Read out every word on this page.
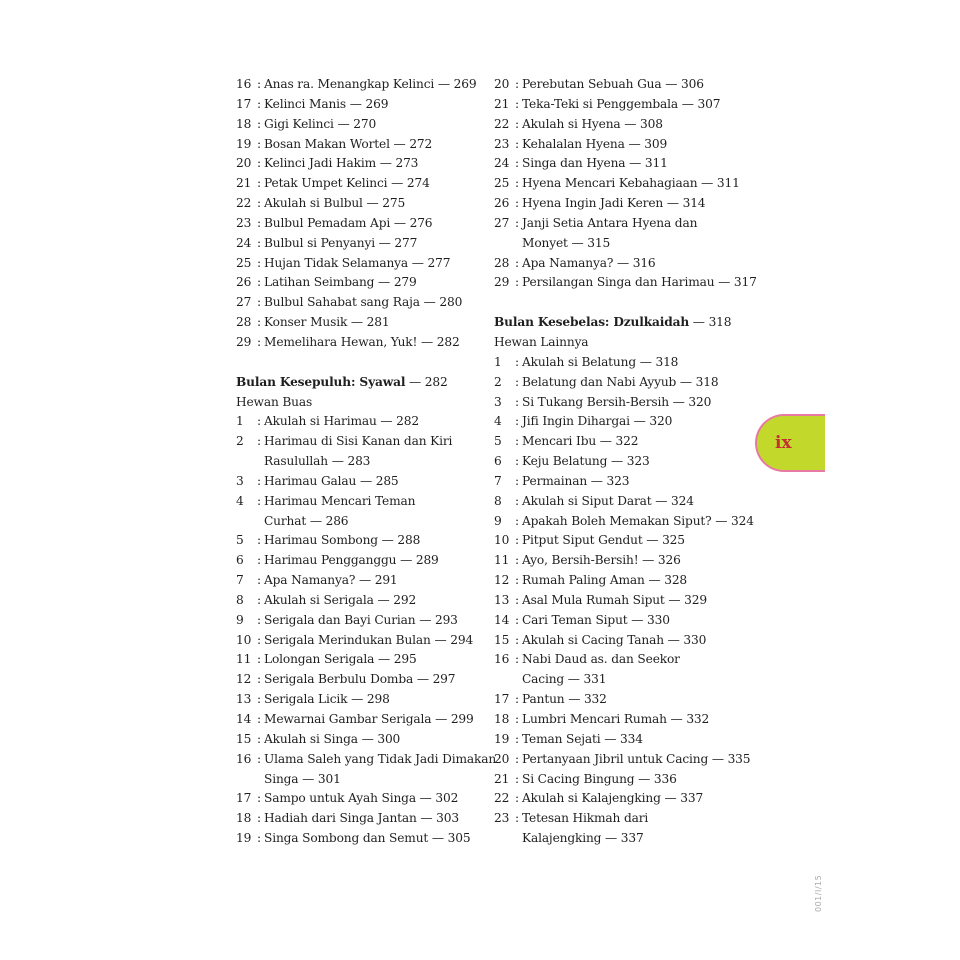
16 : Anas ra. Menangkap Kelinci — 269
17 : Kelinci Manis — 269
18 : Gigi Kelinci — 270
19 : Bosan Makan Wortel — 272
20 : Kelinci Jadi Hakim — 273
21 : Petak Umpet Kelinci — 274
22 : Akulah si Bulbul — 275
23 : Bulbul Pemadam Api — 276
24 : Bulbul si Penyanyi — 277
25 : Hujan Tidak Selamanya — 277
26 : Latihan Seimbang — 279
27 : Bulbul Sahabat sang Raja — 280
28 : Konser Musik — 281
29 : Memelihara Hewan, Yuk! — 282
Bulan Kesepuluh: Syawal — 282
Hewan Buas
1	: Akulah si Harimau — 282
2	: Harimau di Sisi Kanan dan Kiri
Rasulullah — 283
3	: Harimau Galau — 285
4	: Harimau Mencari Teman
Curhat — 286
5	: Harimau Sombong — 288
6	: Harimau Pengganggu — 289
7	: Apa Namanya? — 291
8	: Akulah si Serigala — 292
9	: Serigala dan Bayi Curian — 293
10 : Serigala Merindukan Bulan — 294
11 : Lolongan Serigala — 295
12 : Serigala Berbulu Domba — 297
13 : Serigala Licik — 298
14 : Mewarnai Gambar Serigala — 299
15 : Akulah si Singa — 300
16 : Ulama Saleh yang Tidak Jadi Dimakan
Singa — 301
17 : Sampo untuk Ayah Singa — 302
18 : Hadiah dari Singa Jantan — 303
19 : Singa Sombong dan Semut — 305
20 : Perebutan Sebuah Gua — 306
21 : Teka-Teki si Penggembala — 307
22 : Akulah si Hyena — 308
23 : Kehalalan Hyena — 309
24 : Singa dan Hyena — 311
25 : Hyena Mencari Kebahagiaan — 311
26 : Hyena Ingin Jadi Keren — 314
27 : Janji Setia Antara Hyena dan
Monyet — 315
28 : Apa Namanya? — 316
29 : Persilangan Singa dan Harimau — 317
Bulan Kesebelas: Dzulkaidah — 318
Hewan Lainnya
1	: Akulah si Belatung — 318
2	: Belatung dan Nabi Ayyub — 318
3	: Si Tukang Bersih-Bersih — 320
4	: Jifi Ingin Dihargai — 320
5	: Mencari Ibu — 322
6	: Keju Belatung — 323
7	: Permainan — 323
8	: Akulah si Siput Darat — 324
9	: Apakah Boleh Memakan Siput? — 324
10 : Pitput Siput Gendut — 325
11 : Ayo, Bersih-Bersih! — 326
12 : Rumah Paling Aman — 328
13 : Asal Mula Rumah Siput — 329
14 : Cari Teman Siput — 330
15 : Akulah si Cacing Tanah — 330
16 : Nabi Daud as. dan Seekor
Cacing — 331
17 : Pantun — 332
18 : Lumbri Mencari Rumah — 332
19 : Teman Sejati — 334
20 : Pertanyaan Jibril untuk Cacing — 335
21 : Si Cacing Bingung — 336
22 : Akulah si Kalajengking — 337
23 : Tetesan Hikmah dari
Kalajengking — 337
ix
001/I/15
